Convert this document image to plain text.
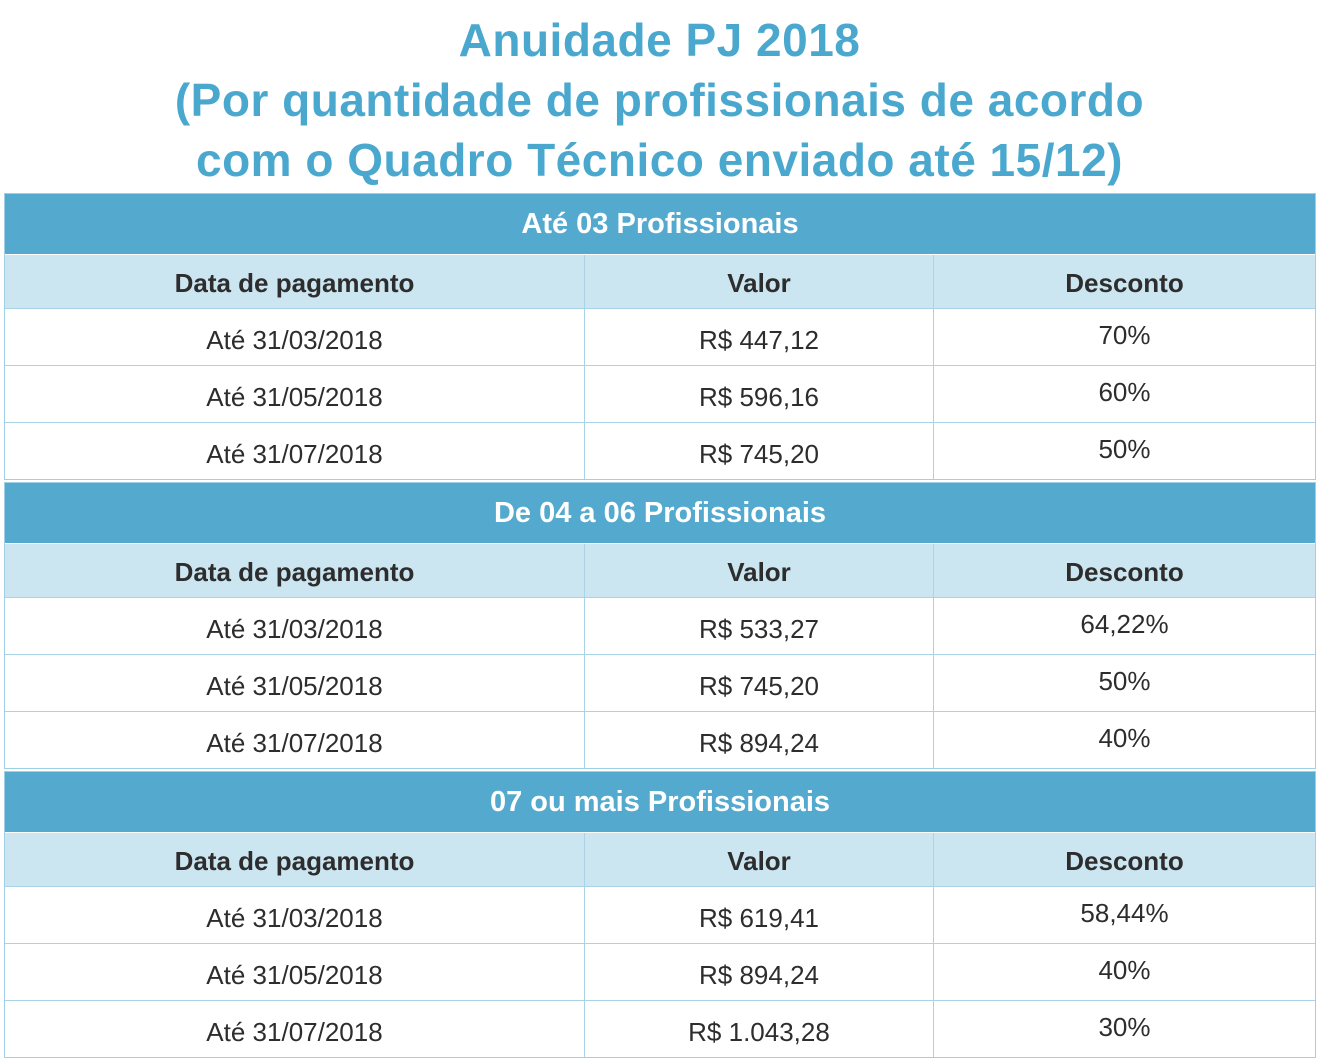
Anuidade PJ 2018
(Por quantidade de profissionais de acordo
com o Quadro Técnico enviado até 15/12)
Até 03 Profissionais
Data de pagamento	Valor	Desconto
Até 31/03/2018	R$ 447,12	70%
Até 31/05/2018	R$ 596,16	60%
Até 31/07/2018	R$ 745,20	50%
De 04 a 06 Profissionais
Data de pagamento	Valor	Desconto
Até 31/03/2018	R$ 533,27	64,22%
Até 31/05/2018	R$ 745,20	50%
Até 31/07/2018	R$ 894,24	40%
07 ou mais Profissionais
Data de pagamento	Valor	Desconto
Até 31/03/2018	R$ 619,41	58,44%
Até 31/05/2018	R$ 894,24	40%
Até 31/07/2018	R$ 1.043,28	30%
